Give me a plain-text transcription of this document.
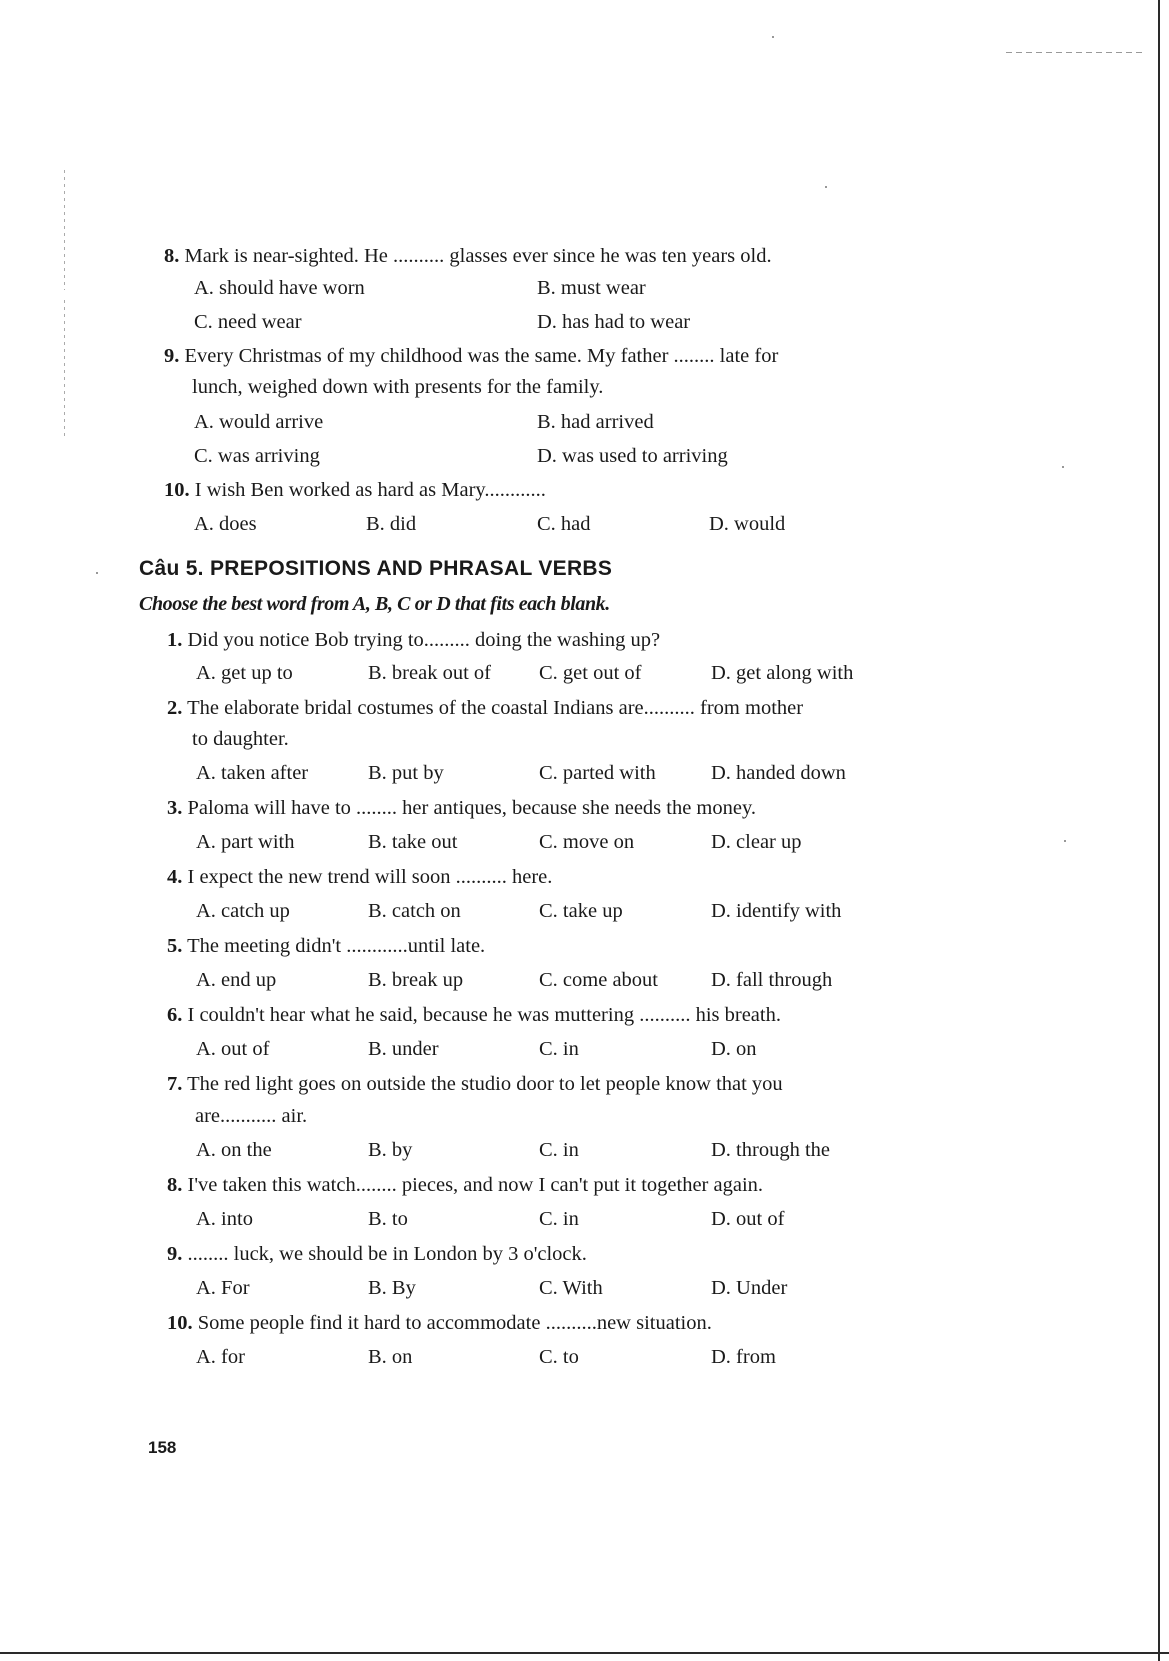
8. Mark is near-sighted. He .......... glasses ever since he was ten years old.
A. should have worn	B. must wear
C. need wear	D. has had to wear
9. Every Christmas of my childhood was the same. My father ........ late for
lunch, weighed down with presents for the family.
A. would arrive	B. had arrived
C. was arriving	D. was used to arriving
10. I wish Ben worked as hard as Mary............
A. does	B. did	C. had	D. would
Câu 5. PREPOSITIONS AND PHRASAL VERBS
Choose the best word from A, B, C or D that fits each blank.
1. Did you notice Bob trying to......... doing the washing up?
A. get up to	B. break out of C. get out of	D. get along with
2. The elaborate bridal costumes of the coastal Indians are.......... from mother
to daughter.
A. taken after	B. put by	C. parted with	D. handed down
3. Paloma will have to ........ her antiques, because she needs the money.
A. part with	B. take out	C. move on	D. clear up
4. I expect the new trend will soon .......... here.
A. catch up	B. catch on	C. take up	D. identify with
5. The meeting didn't ............until late.
A. end up	B. break up	C. come about	D. fall through
6. I couldn't hear what he said, because he was muttering .......... his breath.
A. out of	B. under	C. in	D. on
7. The red light goes on outside the studio door to let people know that you
are........... air.
A. on the	B. by	C. in	D. through the
8. I've taken this watch........ pieces, and now I can't put it together again.
A. into	B. to	C. in	D. out of
9. ........ luck, we should be in London by 3 o'clock.
A. For	B. By	C. With	D. Under
10. Some people find it hard to accommodate ..........new situation.
A. for	B. on	C. to	D. from
158
